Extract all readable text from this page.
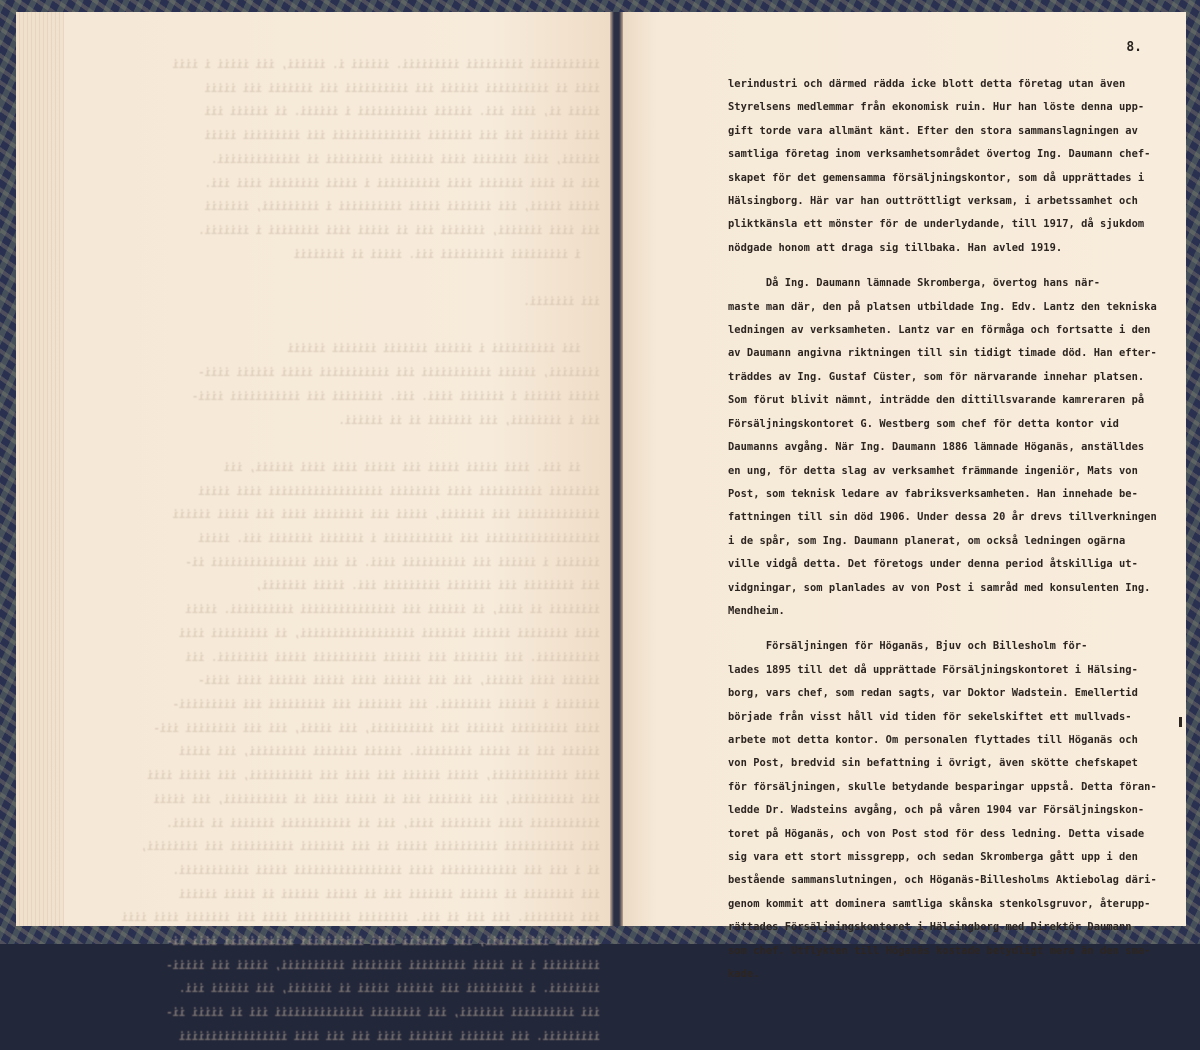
iiiiiiiiiii iiiiiiiii iiiiiiiii. iiiiii i. iiiiii, iii iiiii i iiii
iiii ii iiiiiiiiii iiiiii iii iiiiiiiiii iii iiiiiii iii iiiii
iiiii ii, iiii iii. iiiiii iiiiiiiiiii i iiiiii. ii iiiiii iii
iiii iiiiii iii iii iiiiiii iiiiiiiiiiiiii iii iiiiiiiii iiiii
iiiiii, iiii iiiiiii iiii iiiiiii iiiiiiiii ii iiiiiiiiiiiii.
iii ii iiii iiiiiii iiii iiiiiiiiii i iiiii iiiiiiii iiii iii.
iiiii iiiii, iii iiiiiii iiiii iiiiiiiiii i iiiiiiiii, iiiiiii
iii iiii iiiiiii, iiiiiii iii ii iiiii iiii iiiiiiii i iiiiiii.
i iiiiiiiii iiiiiiiiii iii. iiiii ii iiiiiiii

iii iiiiiii.

iii iiiiiiiiii i iiiiii iiiiiii iiiiiii iiiiii
iiiiiiii, iiiiii iiiiiiiiiii iii iiiiiiiiiii iiiii iiiiii iiii-
iiiii iiiiii i iiiiiii iiii. iii. iiiiiiii iii iiiiiiiiiii iiii-
iii i iiiiiiii, iii iiiiiii ii ii iiiiii.

ii iii. iiii iiiii iiiii iii iiiii iiii iiii iiiiii, iii
iiiiiiii iiiiiiiiii iiii iiiiiiii iiiiiiiiiiiiiiiiii iiii iiiii
iiiiiiiiiiiii iii iiiiiii, iiiii iii iiiiiiii iiii iii iiiii iiiiii
iiiiiiiiiiiiiiiiii iii iiiiiiiiiii i iiiiiii iiiiiii iii. iiiii
iiiiiii i iiiiii iii iiiiiiiiii iiii. ii iiii iiiiiiiiiiiiiii ii-
iii iiiiiiii iii iiiiiii iiiiiiiii iii. iiiii iiiiiii,
iiiiiiii ii iiii, ii iiiiii iii iiiiiiiiiiiiiii iiiiiiiiii. iiiii
iiii iiiiiiii iiiiii iiiiiii iiiiiiiiiiiiiiiiii, ii iiiiiiiii iiii
iiiiiiiiii. iii iiiiiii iii iiiiii iiiiiiiiii iiiii iiiiiiii. iii
iiiiii iiii iiiiii, iii iii iiiiii iiii iiiii iiiiii iiii iiii-
iiiiiii i iiiiii iiiiiiii. iii iiiiiii iii iiiiiiiii iii iiiiiiiii-
iiii iiiiiiiii iiiiii iii iiiiiiiiii, iii iiiii, iii iii iiiiiiii iii-
iiiiii iii ii iiiii iiiiiiiii. iiiiii iiiiiii iiiiiiiii, iii iiiii
iiii iiiiiiiiiiii, iiiii iiiiii iii iiii iii iiiiiiiiii, iii iiiii iiii
iii iiiiiiiiii, iii iiiiiii iii ii iiiii iiii ii iiiiiiiiii, iii iiiii
iiiiiiiiiii iiii iiiiiiii iiii, iii ii iiiiiiiiiii iiiiiii ii iiiii.
iii iiiiiiiiiii iiiiiiiiii iiiii ii iii iiiiiii iiiiiiiiii iii iiiiiiii,
ii i iii iii iiiiiiiiiiii iiii iiiiiiiiiiiiiiiii iiiii iiiiiiiiiii.
iii iiiiiiii ii iiiiii iiiiiii iii ii iiiii iiiiii ii iiiii iiiiii
iii iiiiiiii. iii iii ii iii. iiiiiiii iiiiiiiii iiii iii iiiiiii iiii iiii
iiiiiii iiiiiiiiii, iii iiiiiii iiii iiiiiiiiii iiiiiiiiiii iiii ii-
iiiiiiiii i ii iiiii iiiiiiiii iiiiiiii iiiiiiiiii, iiiii iii iiiii-
iiiiiiii. i iiiiiiiii iii iiiiii iiiii ii iiiiiii, iii iiiiii iii.
iii iiiiiiiiii iiiiiii, iii iiiiiiii iiiiiiiiiiiiii iii ii iiiii ii-
iiiiiiiii. iii iiiiiii iiiiiii iiii iii iii iiii iiiiiiiiiiiiiiiii
8.
lerindustri och därmed rädda icke blott detta företag utan även
Styrelsens medlemmar från ekonomisk ruin. Hur han löste denna upp-
gift torde vara allmänt känt. Efter den stora sammanslagningen av
samtliga företag inom verksamhetsområdet övertog Ing. Daumann chef-
skapet för det gemensamma försäljningskontor, som då upprättades i
Hälsingborg. Här var han outtröttligt verksam, i arbetssamhet och
pliktkänsla ett mönster för de underlydande, till 1917, då sjukdom
nödgade honom att draga sig tillbaka. Han avled 1919.
Då Ing. Daumann lämnade Skromberga, övertog hans när-
maste man där, den på platsen utbildade Ing. Edv. Lantz den tekniska
ledningen av verksamheten. Lantz var en förmåga och fortsatte i den
av Daumann angivna riktningen till sin tidigt timade död. Han efter-
träddes av Ing. Gustaf Cüster, som för närvarande innehar platsen.
Som förut blivit nämnt, inträdde den dittillsvarande kamreraren på
Försäljningskontoret G. Westberg som chef för detta kontor vid
Daumanns avgång. När Ing. Daumann 1886 lämnade Höganäs, anställdes
en ung, för detta slag av verksamhet främmande ingeniör, Mats von
Post, som teknisk ledare av fabriksverksamheten. Han innehade be-
fattningen till sin död 1906. Under dessa 20 år drevs tillverkningen
i de spår, som Ing. Daumann planerat, om också ledningen ogärna
ville vidgå detta. Det företogs under denna period åtskilliga ut-
vidgningar, som planlades av von Post i samråd med konsulenten Ing.
Mendheim.
Försäljningen för Höganäs, Bjuv och Billesholm för-
lades 1895 till det då upprättade Försäljningskontoret i Hälsing-
borg, vars chef, som redan sagts, var Doktor Wadstein. Emellertid
började från visst håll vid tiden för sekelskiftet ett mullvads-
arbete mot detta kontor. Om personalen flyttades till Höganäs och
von Post, bredvid sin befattning i övrigt, även skötte chefskapet
för försäljningen, skulle betydande besparingar uppstå. Detta föran-
ledde Dr. Wadsteins avgång, och på våren 1904 var Försäljningskon-
toret på Höganäs, och von Post stod för dess ledning. Detta visade
sig vara ett stort missgrepp, och sedan Skromberga gått upp i den
bestående sammanslutningen, och Höganäs-Billesholms Aktiebolag däri-
genom kommit att dominera samtliga skånska stenkolsgruvor, återupp-
rättades Försäljningskontoret i Hälsingborg med Direktör Daumann
som chef. Utflykten till Höganäs kostade betydligt mera än den sma-
kade.
